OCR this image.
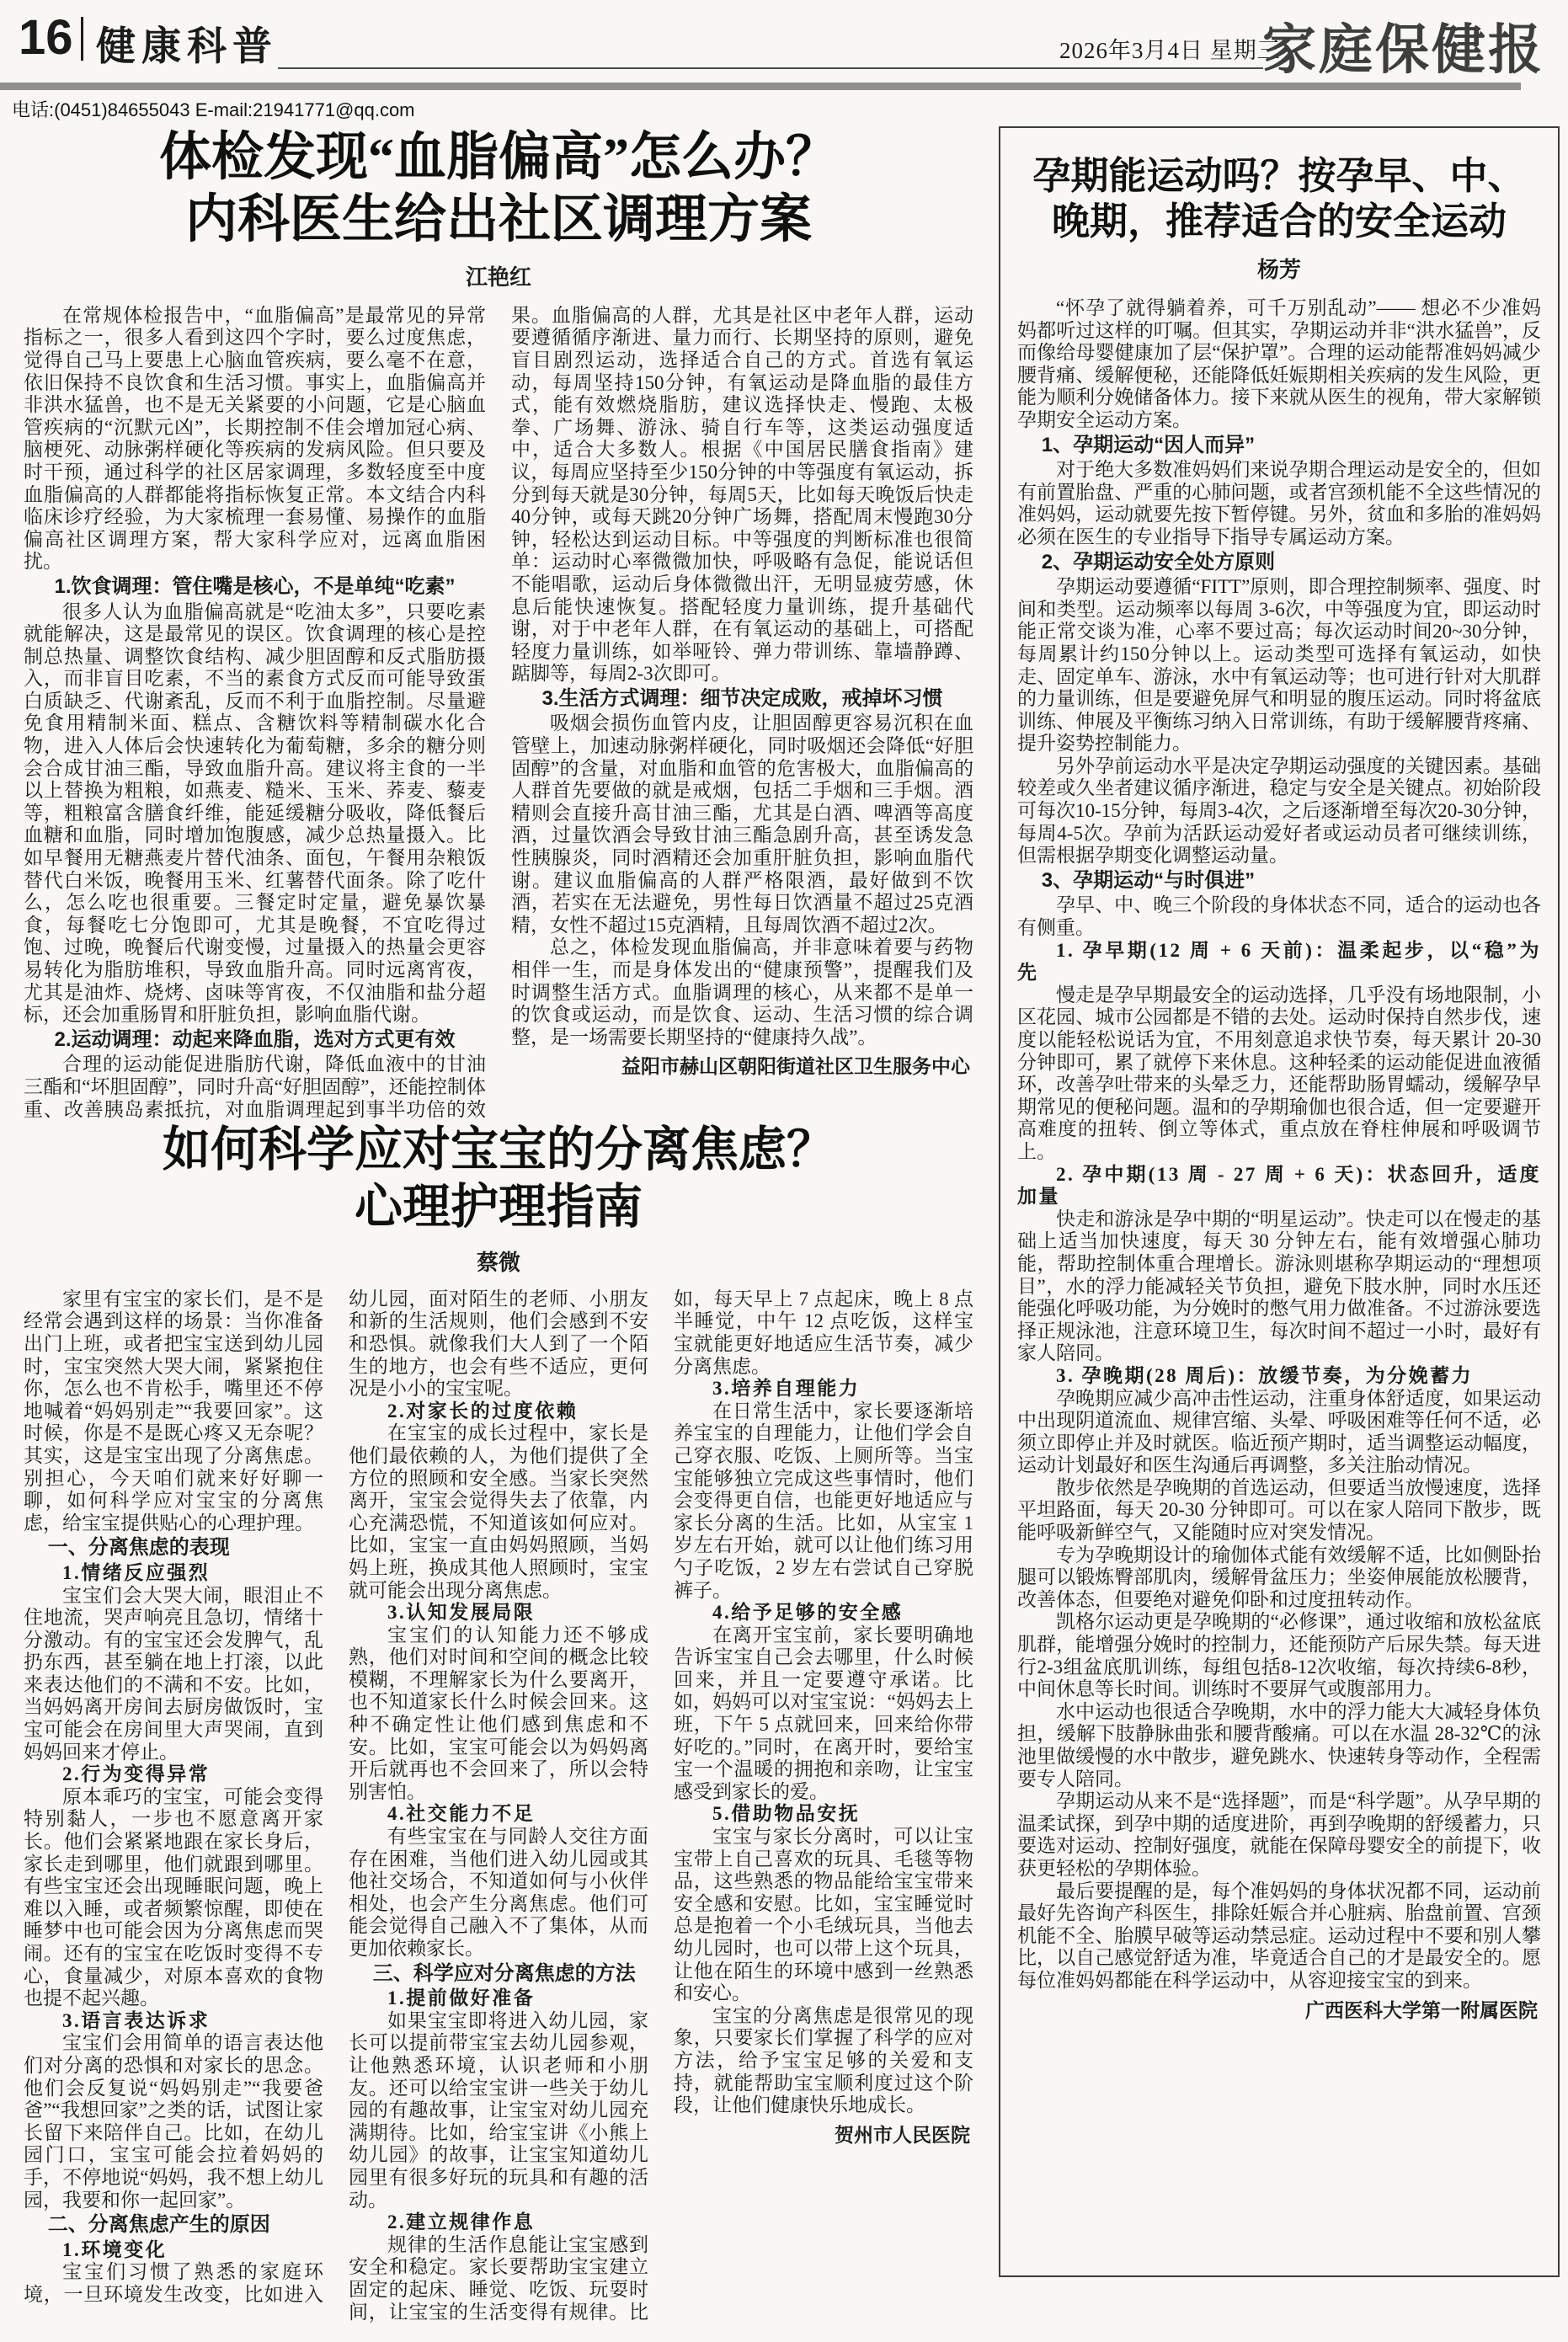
16 健康科普	2026年3月4日 星期三
家庭保健报
电话:(0451)84655043 E-mail:21941771@qq.com
体检发现“血脂偏高”怎么办？
内科医生给出社区调理方案
江艳红

在常规体检报告中，“血脂偏高”是最常见的异常指标之一，很多人看到这四个字时，要么过度焦虑，觉得自己马上要患上心脑血管疾病，要么毫不在意，依旧保持不良饮食和生活习惯。事实上，血脂偏高并非洪水猛兽，也不是无关紧要的小问题，它是心脑血管疾病的“沉默元凶”，长期控制不佳会增加冠心病、脑梗死、动脉粥样硬化等疾病的发病风险。但只要及时干预，通过科学的社区居家调理，多数轻度至中度血脂偏高的人群都能将指标恢复正常。本文结合内科临床诊疗经验，为大家梳理一套易懂、易操作的血脂偏高社区调理方案，帮大家科学应对，远离血脂困扰。

1.饮食调理：管住嘴是核心，不是单纯“吃素”

很多人认为血脂偏高就是“吃油太多”，只要吃素就能解决，这是最常见的误区。饮食调理的核心是控制总热量、调整饮食结构、减少胆固醇和反式脂肪摄入，而非盲目吃素，不当的素食方式反而可能导致蛋白质缺乏、代谢紊乱，反而不利于血脂控制。尽量避免食用精制米面、糕点、含糖饮料等精制碳水化合物，进入人体后会快速转化为葡萄糖，多余的糖分则会合成甘油三酯，导致血脂升高。建议将主食的一半以上替换为粗粮，如燕麦、糙米、玉米、荞麦、藜麦等，粗粮富含膳食纤维，能延缓糖分吸收，降低餐后血糖和血脂，同时增加饱腹感，减少总热量摄入。比如早餐用无糖燕麦片替代油条、面包，午餐用杂粮饭替代白米饭，晚餐用玉米、红薯替代面条。除了吃什么，怎么吃也很重要。三餐定时定量，避免暴饮暴食，每餐吃七分饱即可，尤其是晚餐，不宜吃得过饱、过晚，晚餐后代谢变慢，过量摄入的热量会更容易转化为脂肪堆积，导致血脂升高。同时远离宵夜，尤其是油炸、烧烤、卤味等宵夜，不仅油脂和盐分超标，还会加重肠胃和肝脏负担，影响血脂代谢。

2.运动调理：动起来降血脂，选对方式更有效

合理的运动能促进脂肪代谢，降低血液中的甘油三酯和“坏胆固醇”，同时升高“好胆固醇”，还能控制体重、改善胰岛素抵抗，对血脂调理起到事半功倍的效果。血脂偏高的人群，尤其是社区中老年人群，运动要遵循循序渐进、量力而行、长期坚持的原则，避免盲目剧烈运动，选择适合自己的方式。首选有氧运动，每周坚持150分钟，有氧运动是降血脂的最佳方式，能有效燃烧脂肪，建议选择快走、慢跑、太极拳、广场舞、游泳、骑自行车等，这类运动强度适中，适合大多数人。根据《中国居民膳食指南》建议，每周应坚持至少150分钟的中等强度有氧运动，拆分到每天就是30分钟，每周5天，比如每天晚饭后快走40分钟，或每天跳20分钟广场舞，搭配周末慢跑30分钟，轻松达到运动目标。中等强度的判断标准也很简单：运动时心率微微加快，呼吸略有急促，能说话但不能唱歌，运动后身体微微出汗，无明显疲劳感，休息后能快速恢复。搭配轻度力量训练，提升基础代谢，对于中老年人群，在有氧运动的基础上，可搭配轻度力量训练，如举哑铃、弹力带训练、靠墙静蹲、踮脚等，每周2-3次即可。

3.生活方式调理：细节决定成败，戒掉坏习惯

吸烟会损伤血管内皮，让胆固醇更容易沉积在血管壁上，加速动脉粥样硬化，同时吸烟还会降低“好胆固醇”的含量，对血脂和血管的危害极大，血脂偏高的人群首先要做的就是戒烟，包括二手烟和三手烟。酒精则会直接升高甘油三酯，尤其是白酒、啤酒等高度酒，过量饮酒会导致甘油三酯急剧升高，甚至诱发急性胰腺炎，同时酒精还会加重肝脏负担，影响血脂代谢。建议血脂偏高的人群严格限酒，最好做到不饮酒，若实在无法避免，男性每日饮酒量不超过25克酒精，女性不超过15克酒精，且每周饮酒不超过2次。

总之，体检发现血脂偏高，并非意味着要与药物相伴一生，而是身体发出的“健康预警”，提醒我们及时调整生活方式。血脂调理的核心，从来都不是单一的饮食或运动，而是饮食、运动、生活习惯的综合调整，是一场需要长期坚持的“健康持久战”。

益阳市赫山区朝阳街道社区卫生服务中心

如何科学应对宝宝的分离焦虑？
心理护理指南
蔡微

家里有宝宝的家长们，是不是经常会遇到这样的场景：当你准备出门上班，或者把宝宝送到幼儿园时，宝宝突然大哭大闹，紧紧抱住你，怎么也不肯松手，嘴里还不停地喊着“妈妈别走”“我要回家”。这时候，你是不是既心疼又无奈呢？其实，这是宝宝出现了分离焦虑。别担心，今天咱们就来好好聊一聊，如何科学应对宝宝的分离焦虑，给宝宝提供贴心的心理护理。

一、分离焦虑的表现

1.情绪反应强烈

宝宝们会大哭大闹，眼泪止不住地流，哭声响亮且急切，情绪十分激动。有的宝宝还会发脾气，乱扔东西，甚至躺在地上打滚，以此来表达他们的不满和不安。比如，当妈妈离开房间去厨房做饭时，宝宝可能会在房间里大声哭闹，直到妈妈回来才停止。

2.行为变得异常

原本乖巧的宝宝，可能会变得特别黏人，一步也不愿意离开家长。他们会紧紧地跟在家长身后，家长走到哪里，他们就跟到哪里。有些宝宝还会出现睡眠问题，晚上难以入睡，或者频繁惊醒，即使在睡梦中也可能会因为分离焦虑而哭闹。还有的宝宝在吃饭时变得不专心，食量减少，对原本喜欢的食物也提不起兴趣。

3.语言表达诉求

宝宝们会用简单的语言表达他们对分离的恐惧和对家长的思念。他们会反复说“妈妈别走”“我要爸爸”“我想回家”之类的话，试图让家长留下来陪伴自己。比如，在幼儿园门口，宝宝可能会拉着妈妈的手，不停地说“妈妈，我不想上幼儿园，我要和你一起回家”。

二、分离焦虑产生的原因

1.环境变化

宝宝们习惯了熟悉的家庭环境，一旦环境发生改变，比如进入幼儿园，面对陌生的老师、小朋友和新的生活规则，他们会感到不安和恐惧。就像我们大人到了一个陌生的地方，也会有些不适应，更何况是小小的宝宝呢。

2.对家长的过度依赖

在宝宝的成长过程中，家长是他们最依赖的人，为他们提供了全方位的照顾和安全感。当家长突然离开，宝宝会觉得失去了依靠，内心充满恐慌，不知道该如何应对。比如，宝宝一直由妈妈照顾，当妈妈上班，换成其他人照顾时，宝宝就可能会出现分离焦虑。

3.认知发展局限

宝宝们的认知能力还不够成熟，他们对时间和空间的概念比较模糊，不理解家长为什么要离开，也不知道家长什么时候会回来。这种不确定性让他们感到焦虑和不安。比如，宝宝可能会以为妈妈离开后就再也不会回来了，所以会特别害怕。

4.社交能力不足

有些宝宝在与同龄人交往方面存在困难，当他们进入幼儿园或其他社交场合，不知道如何与小伙伴相处，也会产生分离焦虑。他们可能会觉得自己融入不了集体，从而更加依赖家长。

三、科学应对分离焦虑的方法

1.提前做好准备

如果宝宝即将进入幼儿园，家长可以提前带宝宝去幼儿园参观，让他熟悉环境，认识老师和小朋友。还可以给宝宝讲一些关于幼儿园的有趣故事，让宝宝对幼儿园充满期待。比如，给宝宝讲《小熊上幼儿园》的故事，让宝宝知道幼儿园里有很多好玩的玩具和有趣的活动。

2.建立规律作息

规律的生活作息能让宝宝感到安全和稳定。家长要帮助宝宝建立固定的起床、睡觉、吃饭、玩耍时间，让宝宝的生活变得有规律。比如，每天早上 7 点起床，晚上 8 点半睡觉，中午 12 点吃饭，这样宝宝就能更好地适应生活节奏，减少分离焦虑。

3.培养自理能力

在日常生活中，家长要逐渐培养宝宝的自理能力，让他们学会自己穿衣服、吃饭、上厕所等。当宝宝能够独立完成这些事情时，他们会变得更自信，也能更好地适应与家长分离的生活。比如，从宝宝 1 岁左右开始，就可以让他们练习用勺子吃饭，2 岁左右尝试自己穿脱裤子。

4.给予足够的安全感

在离开宝宝前，家长要明确地告诉宝宝自己会去哪里，什么时候回来，并且一定要遵守承诺。比如，妈妈可以对宝宝说：“妈妈去上班，下午 5 点就回来，回来给你带好吃的。”同时，在离开时，要给宝宝一个温暖的拥抱和亲吻，让宝宝感受到家长的爱。

5.借助物品安抚

宝宝与家长分离时，可以让宝宝带上自己喜欢的玩具、毛毯等物品，这些熟悉的物品能给宝宝带来安全感和安慰。比如，宝宝睡觉时总是抱着一个小毛绒玩具，当他去幼儿园时，也可以带上这个玩具，让他在陌生的环境中感到一丝熟悉和安心。

宝宝的分离焦虑是很常见的现象，只要家长们掌握了科学的应对方法，给予宝宝足够的关爱和支持，就能帮助宝宝顺利度过这个阶段，让他们健康快乐地成长。

贺州市人民医院

孕期能运动吗？按孕早、中、
晚期，推荐适合的安全运动
杨芳

“怀孕了就得躺着养，可千万别乱动”—— 想必不少准妈妈都听过这样的叮嘱。但其实，孕期运动并非“洪水猛兽”，反而像给母婴健康加了层“保护罩”。合理的运动能帮准妈妈减少腰背痛、缓解便秘，还能降低妊娠期相关疾病的发生风险，更能为顺利分娩储备体力。接下来就从医生的视角，带大家解锁孕期安全运动方案。

1、孕期运动“因人而异”

对于绝大多数准妈妈们来说孕期合理运动是安全的，但如有前置胎盘、严重的心肺问题，或者宫颈机能不全这些情况的准妈妈，运动就要先按下暂停键。另外，贫血和多胎的准妈妈必须在医生的专业指导下指导专属运动方案。

2、孕期运动安全处方原则

孕期运动要遵循“FITT”原则，即合理控制频率、强度、时间和类型。运动频率以每周 3-6次，中等强度为宜，即运动时能正常交谈为准，心率不要过高；每次运动时间20~30分钟，每周累计约150分钟以上。运动类型可选择有氧运动，如快走、固定单车、游泳，水中有氧运动等；也可进行针对大肌群的力量训练，但是要避免屏气和明显的腹压运动。同时将盆底训练、伸展及平衡练习纳入日常训练，有助于缓解腰背疼痛、提升姿势控制能力。

另外孕前运动水平是决定孕期运动强度的关键因素。基础较差或久坐者建议循序渐进，稳定与安全是关键点。初始阶段可每次10-15分钟，每周3-4次，之后逐渐增至每次20-30分钟，每周4-5次。孕前为活跃运动爱好者或运动员者可继续训练，但需根据孕期变化调整运动量。

3、孕期运动“与时俱进”

孕早、中、晚三个阶段的身体状态不同，适合的运动也各有侧重。

1. 孕早期(12 周 + 6 天前)：温柔起步，以“稳”为先

慢走是孕早期最安全的运动选择，几乎没有场地限制，小区花园、城市公园都是不错的去处。运动时保持自然步伐，速度以能轻松说话为宜，不用刻意追求快节奏，每天累计 20-30 分钟即可，累了就停下来休息。这种轻柔的运动能促进血液循环，改善孕吐带来的头晕乏力，还能帮助肠胃蠕动，缓解孕早期常见的便秘问题。温和的孕期瑜伽也很合适，但一定要避开高难度的扭转、倒立等体式，重点放在脊柱伸展和呼吸调节上。

2. 孕中期(13 周 - 27 周 + 6 天)：状态回升，适度加量

快走和游泳是孕中期的“明星运动”。快走可以在慢走的基础上适当加快速度，每天 30 分钟左右，能有效增强心肺功能，帮助控制体重合理增长。游泳则堪称孕期运动的“理想项目”，水的浮力能减轻关节负担，避免下肢水肿，同时水压还能强化呼吸功能，为分娩时的憋气用力做准备。不过游泳要选择正规泳池，注意环境卫生，每次时间不超过一小时，最好有家人陪同。

3. 孕晚期(28 周后)：放缓节奏，为分娩蓄力

孕晚期应减少高冲击性运动，注重身体舒适度，如果运动中出现阴道流血、规律宫缩、头晕、呼吸困难等任何不适，必须立即停止并及时就医。临近预产期时，适当调整运动幅度，运动计划最好和医生沟通后再调整，多关注胎动情况。

散步依然是孕晚期的首选运动，但要适当放慢速度，选择平坦路面，每天 20-30 分钟即可。可以在家人陪同下散步，既能呼吸新鲜空气，又能随时应对突发情况。

专为孕晚期设计的瑜伽体式能有效缓解不适，比如侧卧抬腿可以锻炼臀部肌肉，缓解骨盆压力；坐姿伸展能放松腰背，改善体态，但要绝对避免仰卧和过度扭转动作。

凯格尔运动更是孕晚期的“必修课”，通过收缩和放松盆底肌群，能增强分娩时的控制力，还能预防产后尿失禁。每天进行2-3组盆底肌训练，每组包括8-12次收缩，每次持续6-8秒，中间休息等长时间。训练时不要屏气或腹部用力。

水中运动也很适合孕晚期，水中的浮力能大大减轻身体负担，缓解下肢静脉曲张和腰背酸痛。可以在水温 28-32℃的泳池里做缓慢的水中散步，避免跳水、快速转身等动作，全程需要专人陪同。

孕期运动从来不是“选择题”，而是“科学题”。从孕早期的温柔试探，到孕中期的适度进阶，再到孕晚期的舒缓蓄力，只要选对运动、控制好强度，就能在保障母婴安全的前提下，收获更轻松的孕期体验。

最后要提醒的是，每个准妈妈的身体状况都不同，运动前最好先咨询产科医生，排除妊娠合并心脏病、胎盘前置、宫颈机能不全、胎膜早破等运动禁忌症。运动过程中不要和别人攀比，以自己感觉舒适为准，毕竟适合自己的才是最安全的。愿每位准妈妈都能在科学运动中，从容迎接宝宝的到来。

广西医科大学第一附属医院
